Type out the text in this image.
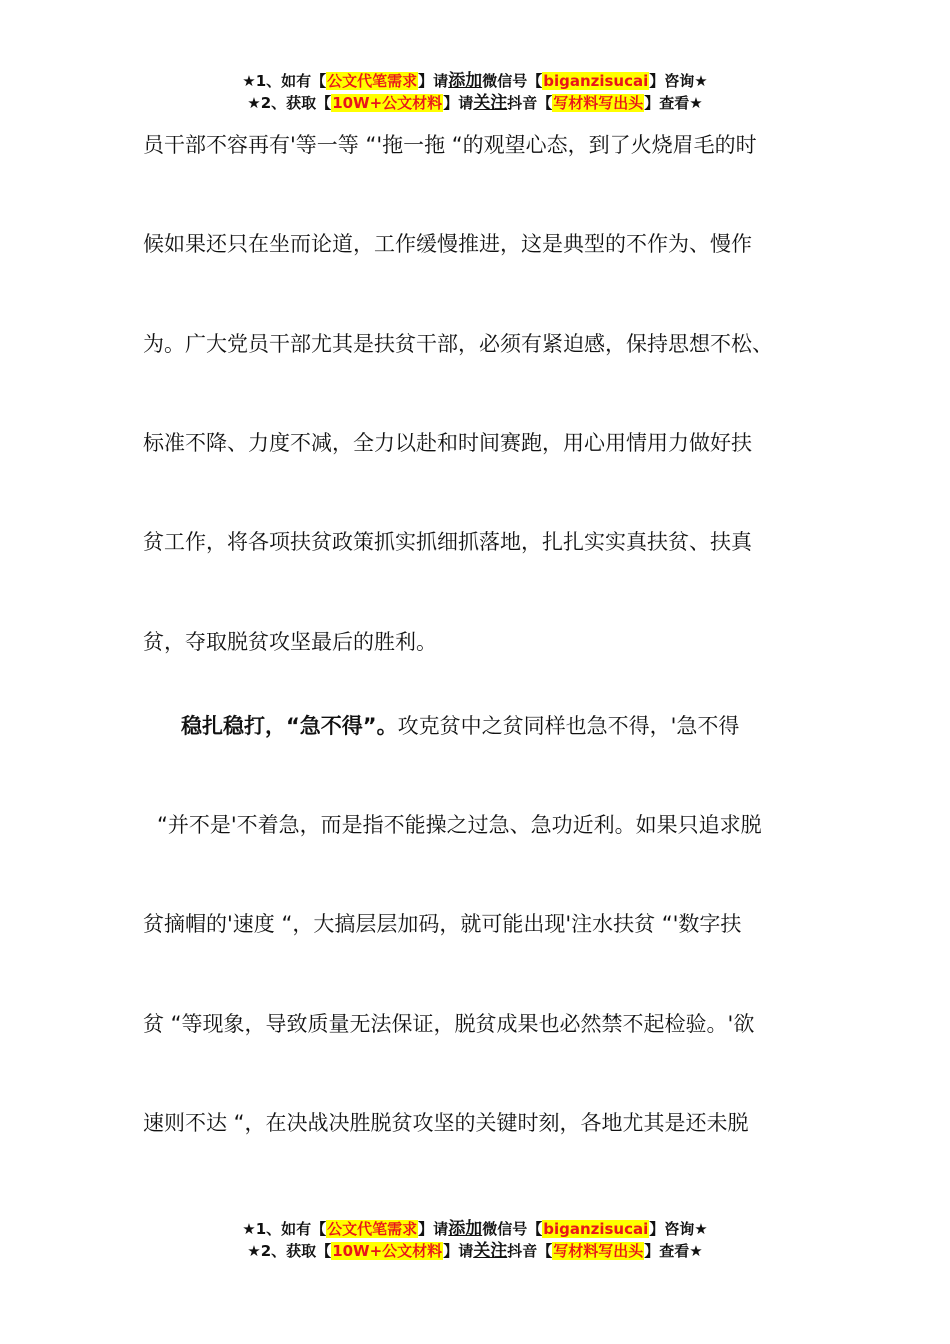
★1、如有【公文代笔需求】请添加微信号【biganzisucai】咨询★
★2、获取【10W+公文材料】请关注抖音【写材料写出头】查看★
员干部不容再有'等一等 “'拖一拖 “的观望心态，到了火烧眉毛的时
候如果还只在坐而论道，工作缓慢推进，这是典型的不作为、慢作
为。广大党员干部尤其是扶贫干部，必须有紧迫感，保持思想不松、
标准不降、力度不减，全力以赴和时间赛跑，用心用情用力做好扶
贫工作，将各项扶贫政策抓实抓细抓落地，扎扎实实真扶贫、扶真
贫，夺取脱贫攻坚最后的胜利。
稳扎稳打，“急不得”。攻克贫中之贫同样也急不得，'急不得
“并不是'不着急，而是指不能操之过急、急功近利。如果只追求脱
贫摘帽的'速度 “，大搞层层加码，就可能出现'注水扶贫 “'数字扶
贫 “等现象，导致质量无法保证，脱贫成果也必然禁不起检验。'欲
速则不达 “，在决战决胜脱贫攻坚的关键时刻，各地尤其是还未脱
★1、如有【公文代笔需求】请添加微信号【biganzisucai】咨询★
★2、获取【10W+公文材料】请关注抖音【写材料写出头】查看★
